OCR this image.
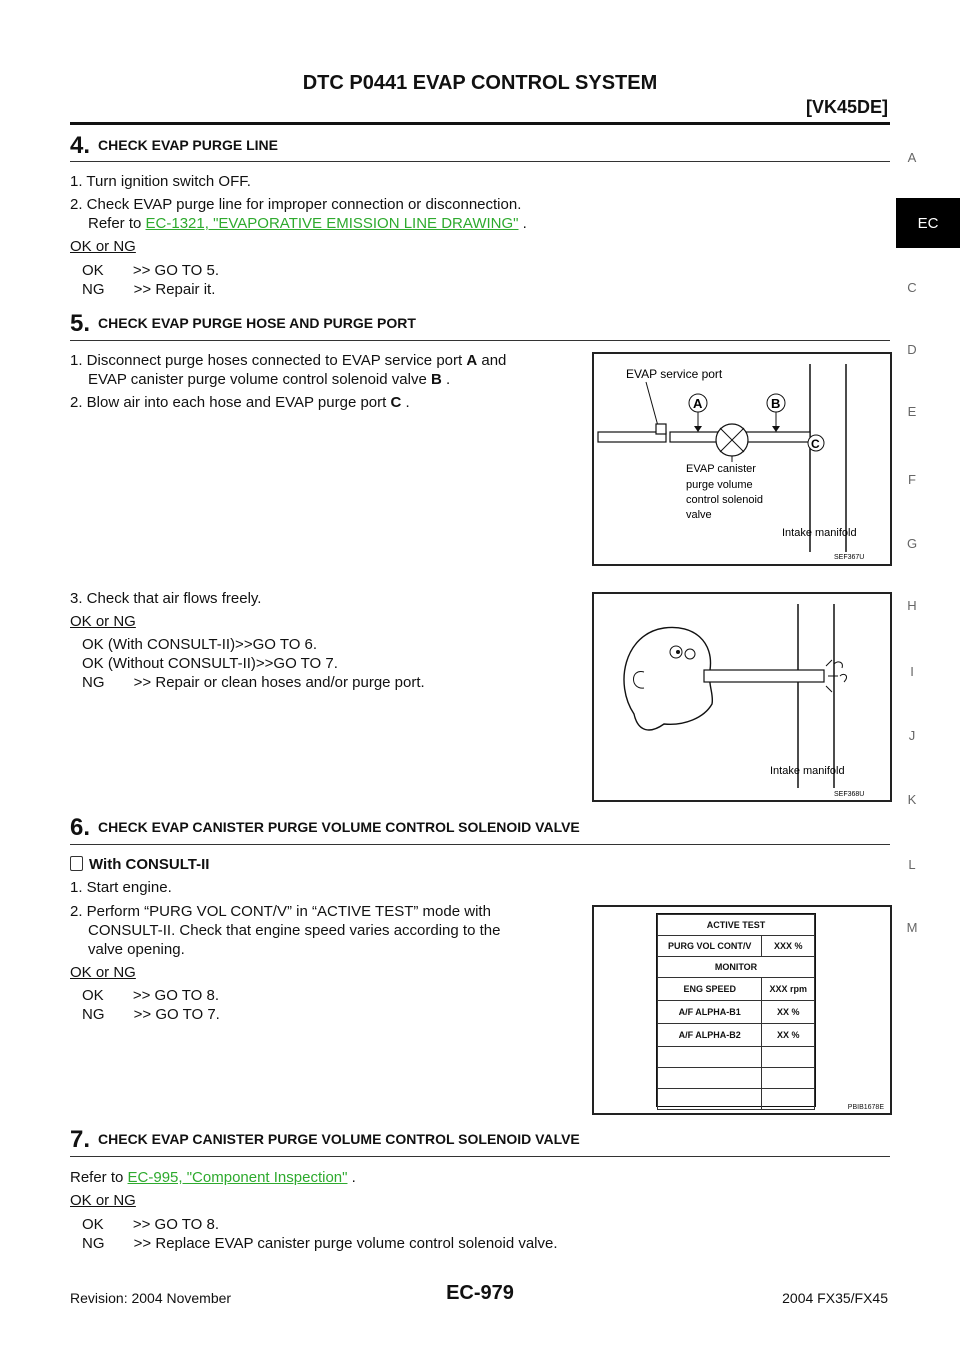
DTC P0441 EVAP CONTROL SYSTEM
[VK45DE]
A
EC
C
D
E
F
G
H
I
J
K
L
M
4. CHECK EVAP PURGE LINE
1. Turn ignition switch OFF.
2. Check EVAP purge line for improper connection or disconnection.
Refer to EC-1321, "EVAPORATIVE EMISSION LINE DRAWING" .
OK or NG
OK       >> GO TO 5.
NG       >> Repair it.
5. CHECK EVAP PURGE HOSE AND PURGE PORT
1. Disconnect purge hoses connected to EVAP service port A and
EVAP canister purge volume control solenoid valve B .
2. Blow air into each hose and EVAP purge port C .
EVAP service port
A	B
C
EVAP canister
purge volume
control solenoid
valve
Intake manifold
SEF367U
3. Check that air flows freely.
OK or NG
OK (With CONSULT-II)>>GO TO 6.
OK (Without CONSULT-II)>>GO TO 7.
NG       >> Repair or clean hoses and/or purge port.
Intake manifold
SEF368U
6. CHECK EVAP CANISTER PURGE VOLUME CONTROL SOLENOID VALVE
With CONSULT-II
1. Start engine.
2. Perform “PURG VOL CONT/V” in “ACTIVE TEST” mode with
CONSULT-II. Check that engine speed varies according to the
valve opening.
OK or NG
OK       >> GO TO 8.
NG       >> GO TO 7.
ACTIVE TEST	
PURG VOL CONT/V	XXX %
MONITOR	
ENG SPEED	XXX rpm
A/F ALPHA-B1	XX %
A/F ALPHA-B2	XX %

PBIB1678E
7. CHECK EVAP CANISTER PURGE VOLUME CONTROL SOLENOID VALVE
Refer to EC-995, "Component Inspection" .
OK or NG
OK       >> GO TO 8.
NG       >> Replace EVAP canister purge volume control solenoid valve.
Revision: 2004 November	EC-979	2004 FX35/FX45
